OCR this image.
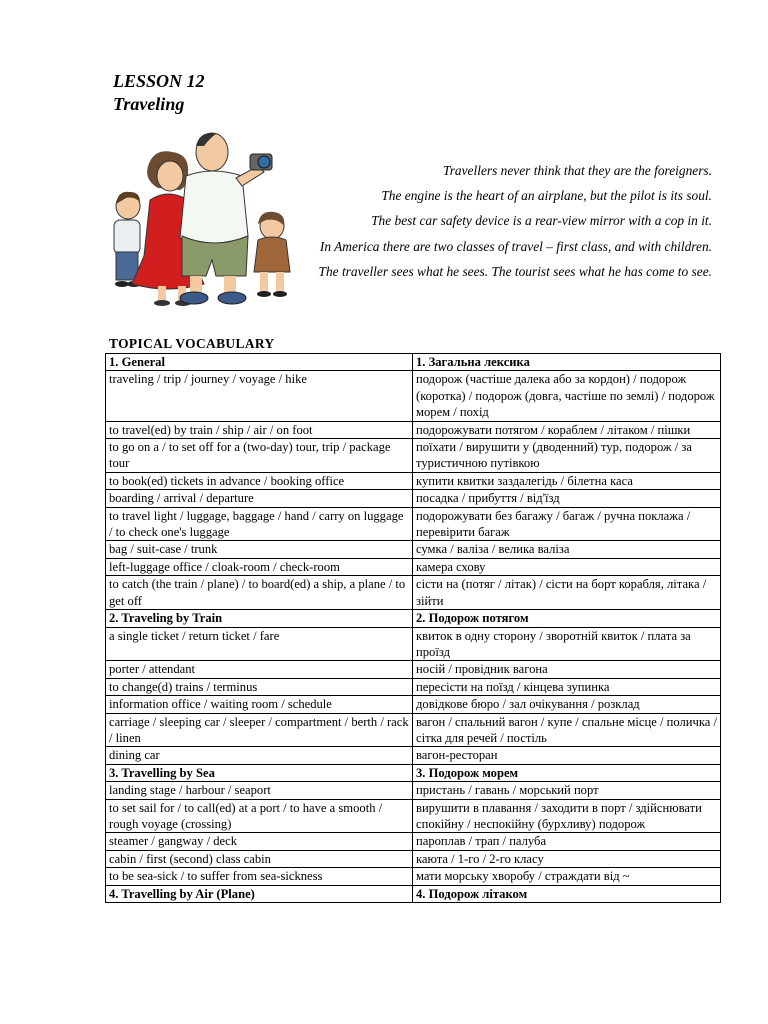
LESSON 12
Traveling

Travellers never think that they are the foreigners.

The engine is the heart of an airplane, but the pilot is its soul.

The best car safety device is a rear-view mirror with a cop in it.

In America there are two classes of travel – first class, and with children.

The traveller sees what he sees. The tourist sees what he has come to see.

TOPICAL VOCABULARY
1. General	1. Загальна лексика
traveling / trip / journey / voyage / hike	подорож (частіше далека або за кордон) / подорож (коротка) / подорож (довга, частіше по землі) / подорож морем / похід
to travel(ed) by train / ship / air / on foot	подорожувати потягом / кораблем / літаком / пішки
to go on a / to set off for a (two-day) tour, trip / package tour	поїхати / вирушити у (дводенний) тур, подорож / за туристичною путівкою
to book(ed) tickets in advance / booking office	купити квитки заздалегідь / білетна каса
boarding / arrival / departure	посадка / прибуття / від'їзд
to travel light / luggage, baggage / hand / carry on luggage / to check one's luggage	подорожувати без багажу / багаж / ручна поклажа / перевірити багаж
bag / suit-case / trunk	сумка / валіза / велика валіза
left-luggage office / cloak-room / check-room	камера схову
to catch (the train / plane) / to board(ed) a ship, a plane / to get off	сісти на (потяг / літак) / сісти на борт корабля, літака / зійти
2. Traveling by Train	2. Подорож потягом
a single ticket / return ticket / fare	квиток в одну сторону / зворотній квиток / плата за проїзд
porter / attendant	носій / провідник вагона
to change(d) trains / terminus	пересісти на поїзд / кінцева зупинка
information office / waiting room / schedule	довідкове бюро / зал очікування / розклад
carriage / sleeping car / sleeper / compartment / berth / rack / linen	вагон / спальний вагон / купе / спальне місце / поличка / сітка для речей / постіль
dining car	вагон-ресторан
3. Travelling by Sea	3. Подорож морем
landing stage / harbour / seaport	пристань / гавань / морський порт
to set sail for / to call(ed) at a port / to have a smooth / rough voyage (crossing)	вирушити в плавання / заходити в порт / здійснювати спокійну / неспокійну (бурхливу) подорож
steamer / gangway / deck	пароплав / трап / палуба
cabin / first (second) class cabin	каюта / 1-го / 2-го класу
to be sea-sick / to suffer from sea-sickness	мати морську хворобу / страждати від ~
4. Travelling by Air (Plane)	4. Подорож літаком
